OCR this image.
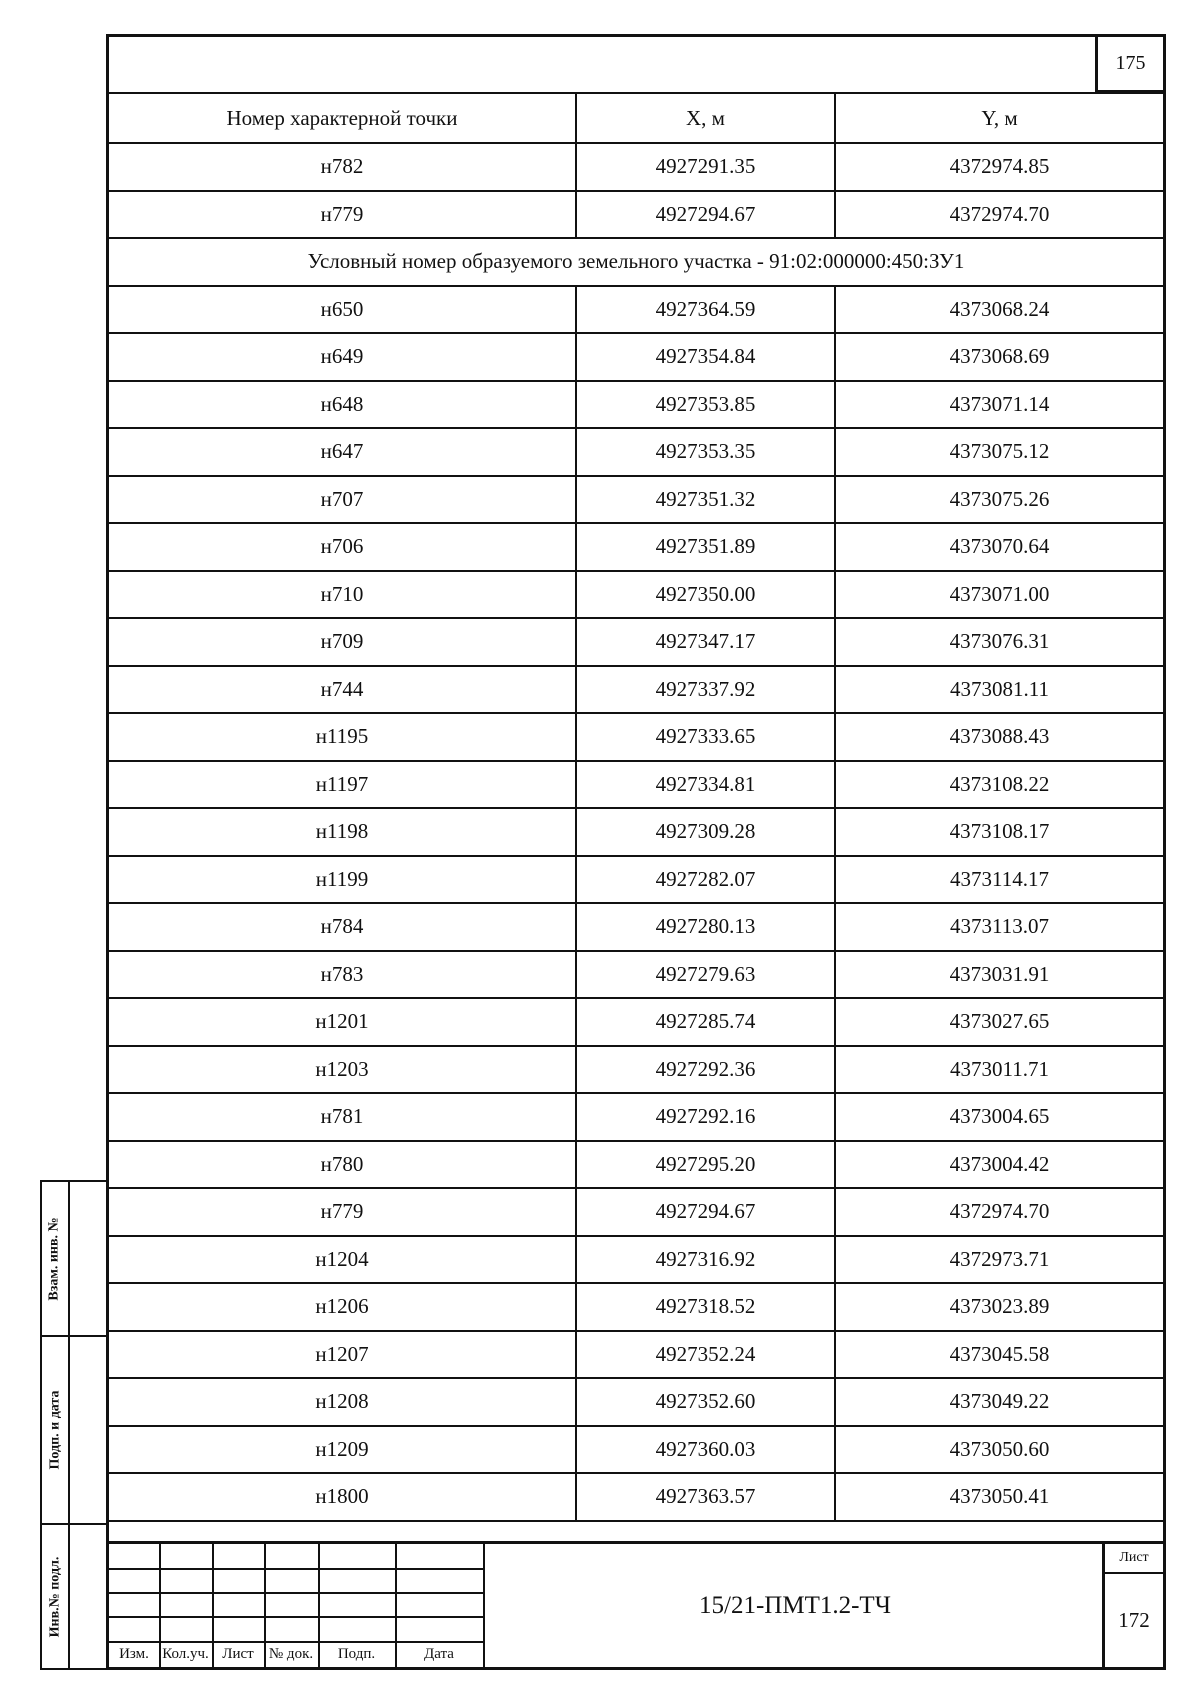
175
Номер характерной точки	X, м	Y, м
н782	4927291.35	4372974.85
н779	4927294.67	4372974.70
Условный номер образуемого земельного участка - 91:02:000000:450:ЗУ1		
н650	4927364.59	4373068.24
н649	4927354.84	4373068.69
н648	4927353.85	4373071.14
н647	4927353.35	4373075.12
н707	4927351.32	4373075.26
н706	4927351.89	4373070.64
н710	4927350.00	4373071.00
н709	4927347.17	4373076.31
н744	4927337.92	4373081.11
н1195	4927333.65	4373088.43
н1197	4927334.81	4373108.22
н1198	4927309.28	4373108.17
н1199	4927282.07	4373114.17
н784	4927280.13	4373113.07
н783	4927279.63	4373031.91
н1201	4927285.74	4373027.65
н1203	4927292.36	4373011.71
н781	4927292.16	4373004.65
н780	4927295.20	4373004.42
н779	4927294.67	4372974.70
н1204	4927316.92	4372973.71
н1206	4927318.52	4373023.89
н1207	4927352.24	4373045.58
н1208	4927352.60	4373049.22
н1209	4927360.03	4373050.60
н1800	4927363.57	4373050.41
Изм. Кол.уч. Лист	№ док.	Подп.	Дата
15/21-ПМТ1.2-ТЧ
Лист
172
Взам. инв. №
Подп. и дата
Инв.№ подл.
